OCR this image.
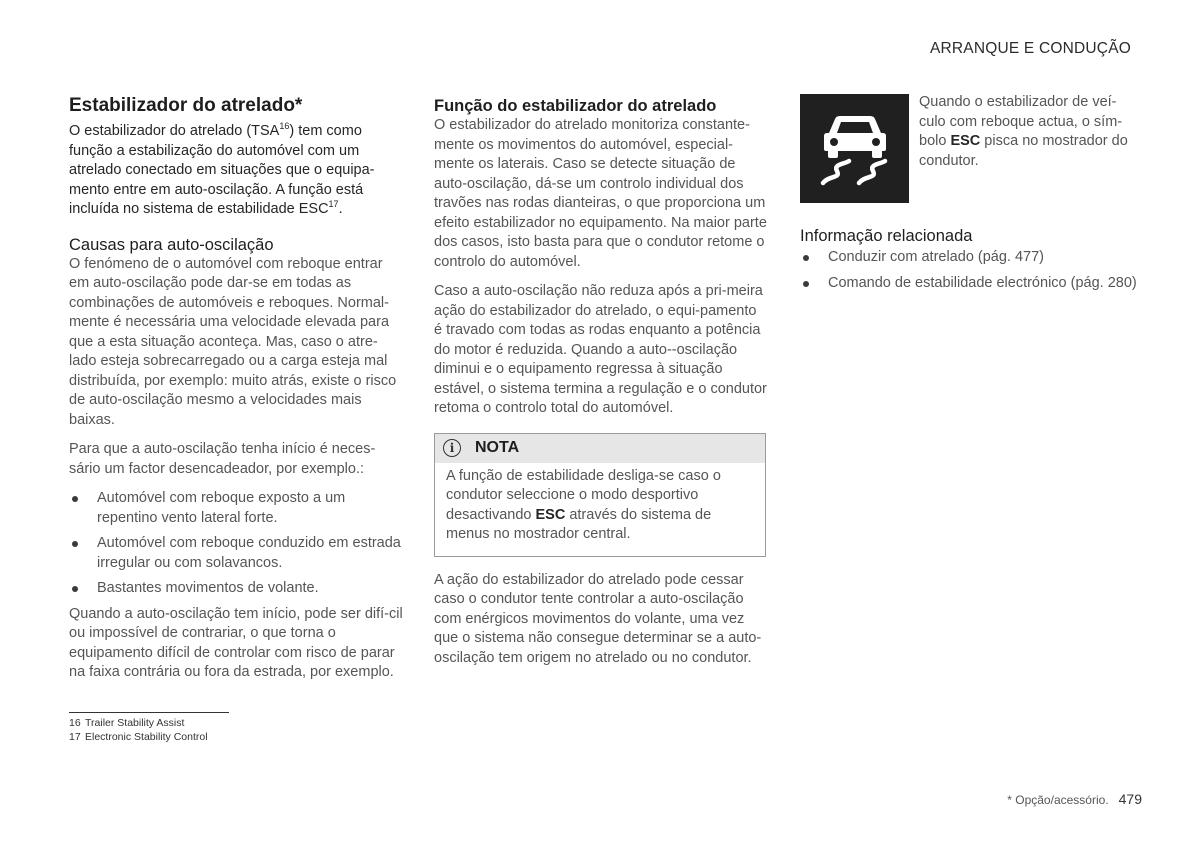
ARRANQUE E CONDUÇÃO
Estabilizador do atrelado*

O estabilizador do atrelado (TSA$^{16}$) tem como função a estabilização do automóvel com um atrelado conectado em situações que o equipa-mento entre em auto-oscilação. A função está incluída no sistema de estabilidade ESC$^{17}$.

Causas para auto-oscilação

O fenómeno de o automóvel com reboque entrar em auto-oscilação pode dar-se em todas as combinações de automóveis e reboques. Normal-mente é necessária uma velocidade elevada para que a esta situação aconteça. Mas, caso o atre-lado esteja sobrecarregado ou a carga esteja mal distribuída, por exemplo: muito atrás, existe o risco de auto-oscilação mesmo a velocidades mais baixas.

Para que a auto-oscilação tenha início é neces-sário um factor desencadeador, por exemplo.:

Automóvel com reboque exposto a um repentino vento lateral forte.
Automóvel com reboque conduzido em estrada irregular ou com solavancos.
Bastantes movimentos de volante.

Quando a auto-oscilação tem início, pode ser difí-cil ou impossível de contrariar, o que torna o equipamento difícil de controlar com risco de parar na faixa contrária ou fora da estrada, por exemplo.

Função do estabilizador do atrelado

O estabilizador do atrelado monitoriza constante-mente os movimentos do automóvel, especial-mente os laterais. Caso se detecte situação de auto-oscilação, dá-se um controlo individual dos travões nas rodas dianteiras, o que proporciona um efeito estabilizador no equipamento. Na maior parte dos casos, isto basta para que o condutor retome o controlo do automóvel.

Caso a auto-oscilação não reduza após a pri-meira ação do estabilizador do atrelado, o equi-pamento é travado com todas as rodas enquanto a potência do motor é reduzida. Quando a auto--oscilação diminui e o equipamento regressa à situação estável, o sistema termina a regulação e o condutor retoma o controlo total do automóvel.

i	NOTA
A função de estabilidade desliga-se caso o condutor seleccione o modo desportivo desactivando ESC através do sistema de menus no mostrador central.

A ação do estabilizador do atrelado pode cessar caso o condutor tente controlar a auto-oscilação com enérgicos movimentos do volante, uma vez que o sistema não consegue determinar se a auto-oscilação tem origem no atrelado ou no condutor.

Quando o estabilizador de veí-culo com reboque actua, o sím-bolo ESC pisca no mostrador do condutor.

Informação relacionada
Conduzir com atrelado (pág. 477)
Comando de estabilidade electrónico (pág. 280)
16 Trailer Stability Assist
17 Electronic Stability Control
* Opção/acessório. 479
